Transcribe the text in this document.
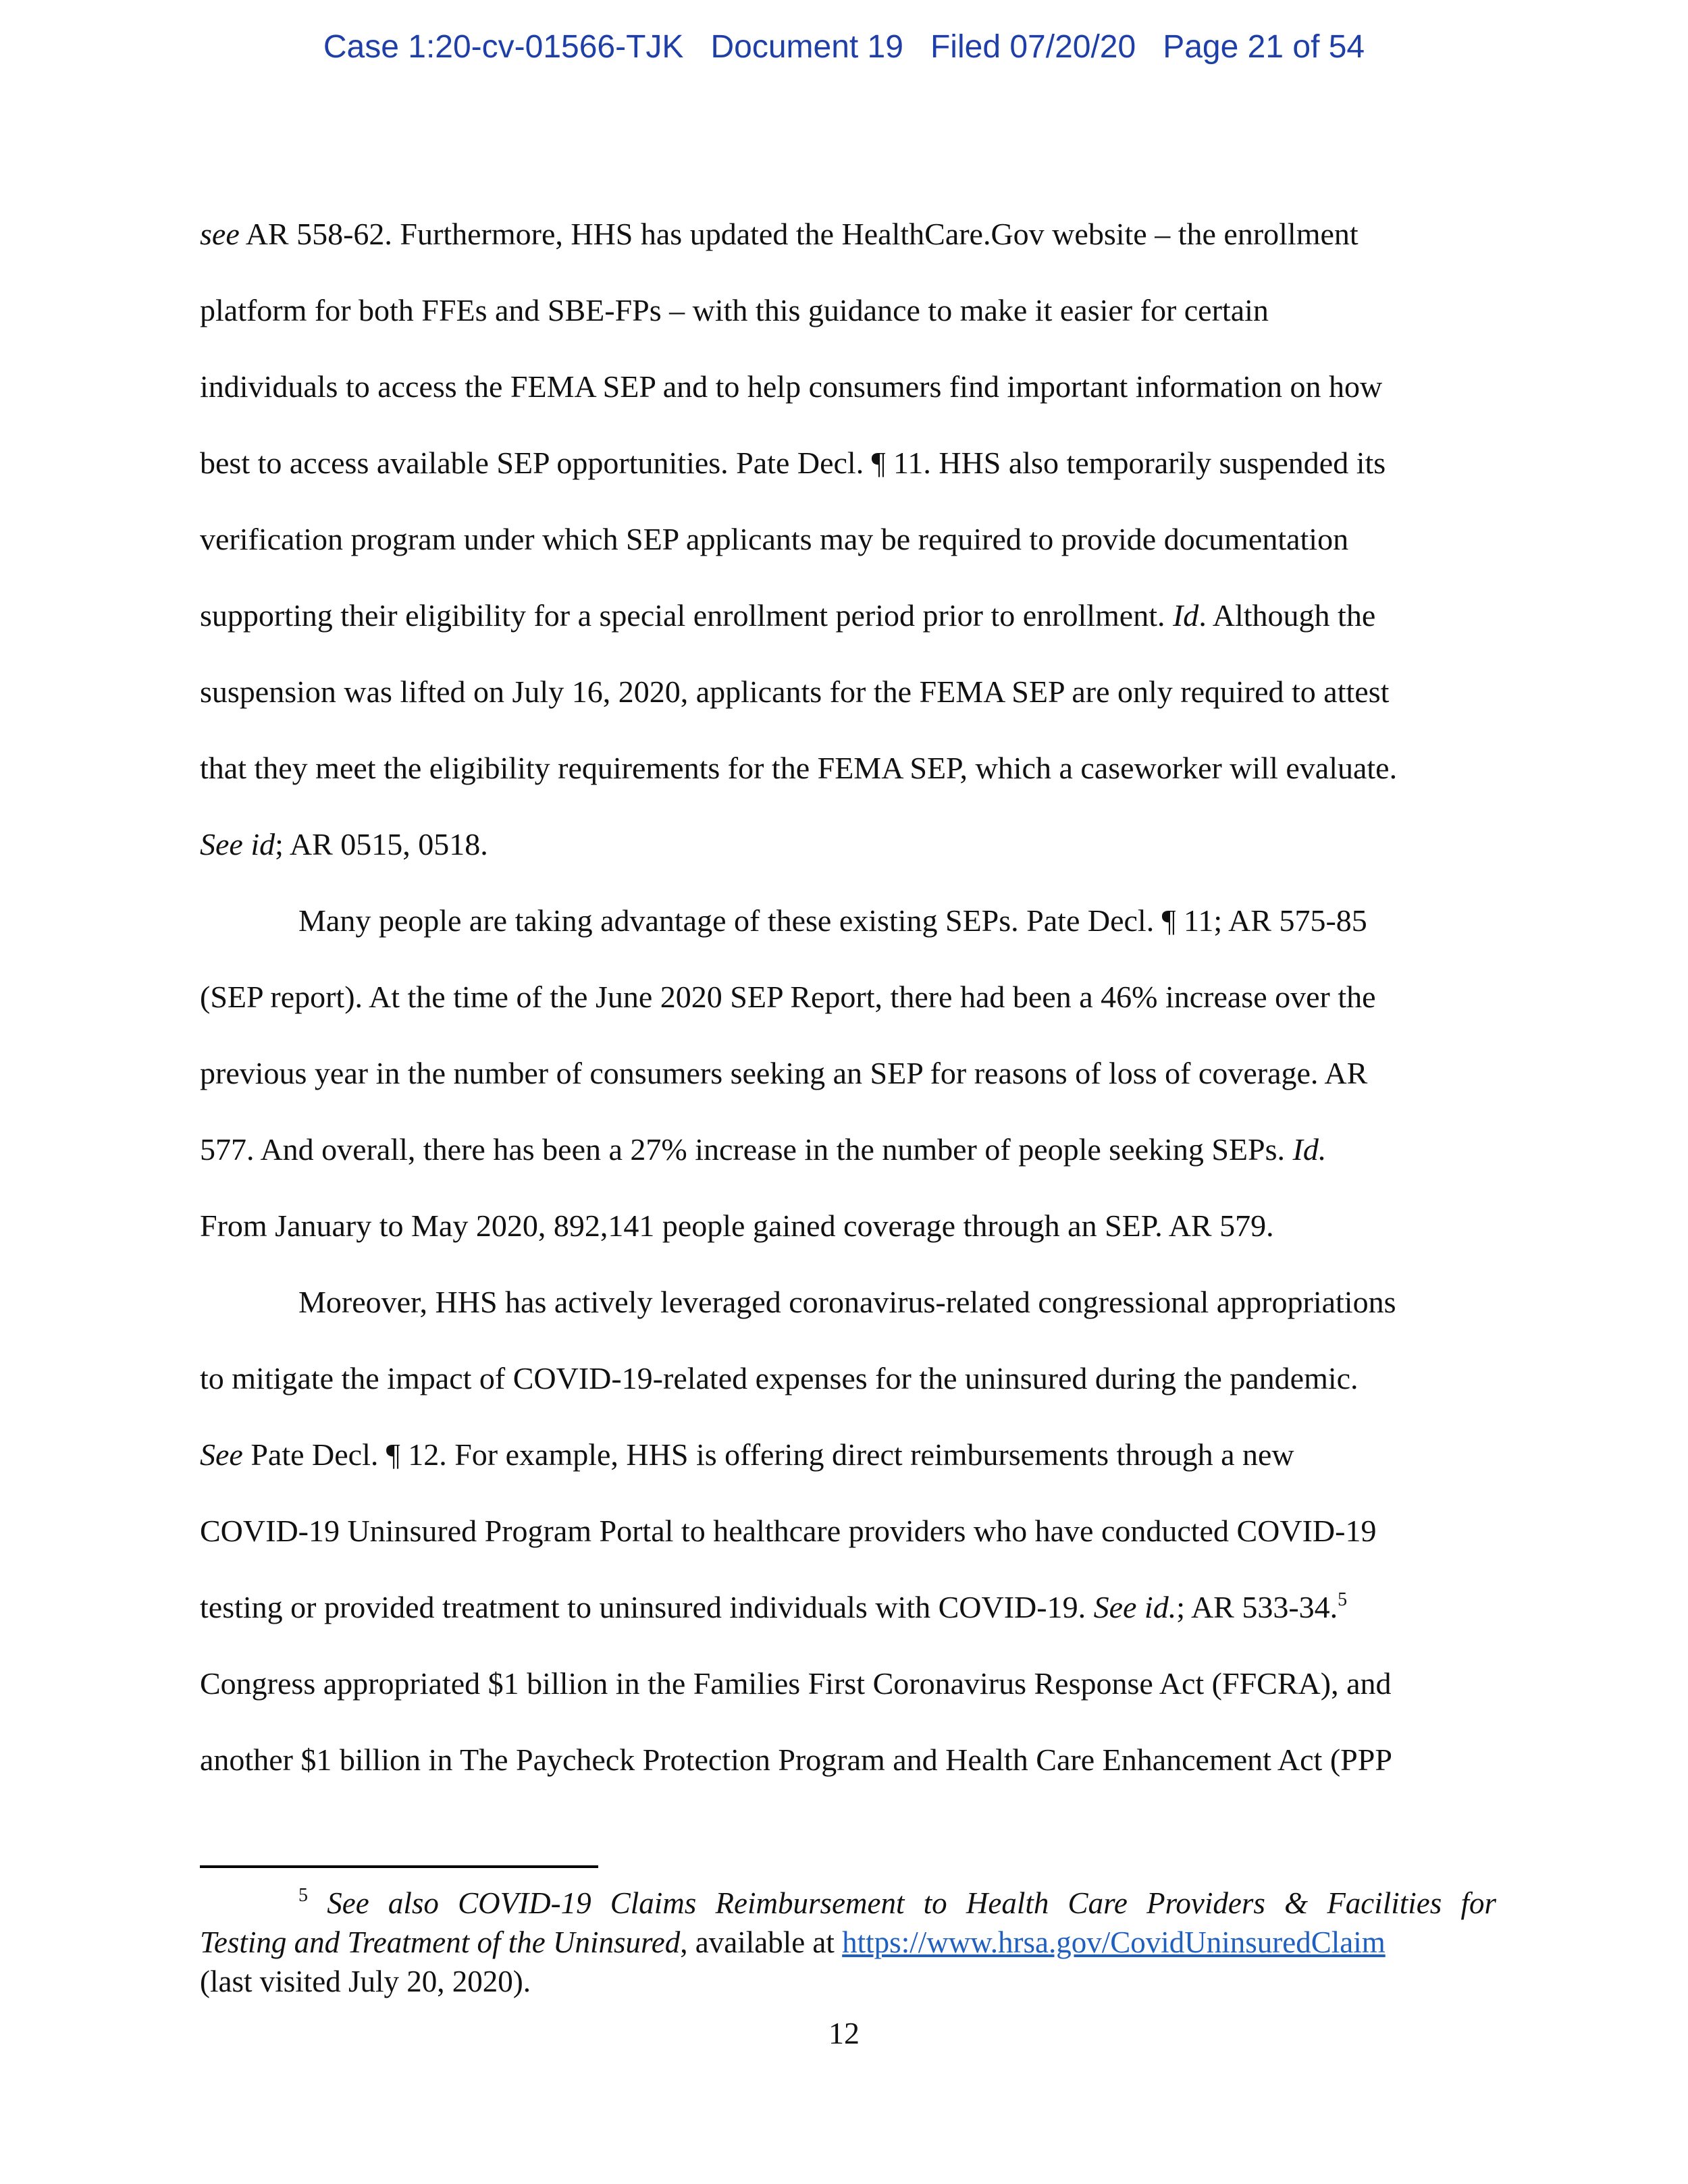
Case 1:20-cv-01566-TJK Document 19 Filed 07/20/20 Page 21 of 54
see AR 558-62. Furthermore, HHS has updated the HealthCare.Gov website – the enrollment
platform for both FFEs and SBE-FPs – with this guidance to make it easier for certain
individuals to access the FEMA SEP and to help consumers find important information on how
best to access available SEP opportunities. Pate Decl. ¶ 11. HHS also temporarily suspended its
verification program under which SEP applicants may be required to provide documentation
supporting their eligibility for a special enrollment period prior to enrollment. Id. Although the
suspension was lifted on July 16, 2020, applicants for the FEMA SEP are only required to attest
that they meet the eligibility requirements for the FEMA SEP, which a caseworker will evaluate.
See id; AR 0515, 0518.
Many people are taking advantage of these existing SEPs. Pate Decl. ¶ 11; AR 575-85
(SEP report). At the time of the June 2020 SEP Report, there had been a 46% increase over the
previous year in the number of consumers seeking an SEP for reasons of loss of coverage. AR
577. And overall, there has been a 27% increase in the number of people seeking SEPs. Id.
From January to May 2020, 892,141 people gained coverage through an SEP. AR 579.
Moreover, HHS has actively leveraged coronavirus-related congressional appropriations
to mitigate the impact of COVID-19-related expenses for the uninsured during the pandemic.
See Pate Decl. ¶ 12. For example, HHS is offering direct reimbursements through a new
COVID-19 Uninsured Program Portal to healthcare providers who have conducted COVID-19
testing or provided treatment to uninsured individuals with COVID-19. See id.; AR 533-34.$^5$
Congress appropriated $1 billion in the Families First Coronavirus Response Act (FFCRA), and
another $1 billion in The Paycheck Protection Program and Health Care Enhancement Act (PPP
$^5$ See also COVID-19 Claims Reimbursement to Health Care Providers & Facilities for
Testing and Treatment of the Uninsured, available at https://www.hrsa.gov/CovidUninsuredClaim
(last visited July 20, 2020).
12
